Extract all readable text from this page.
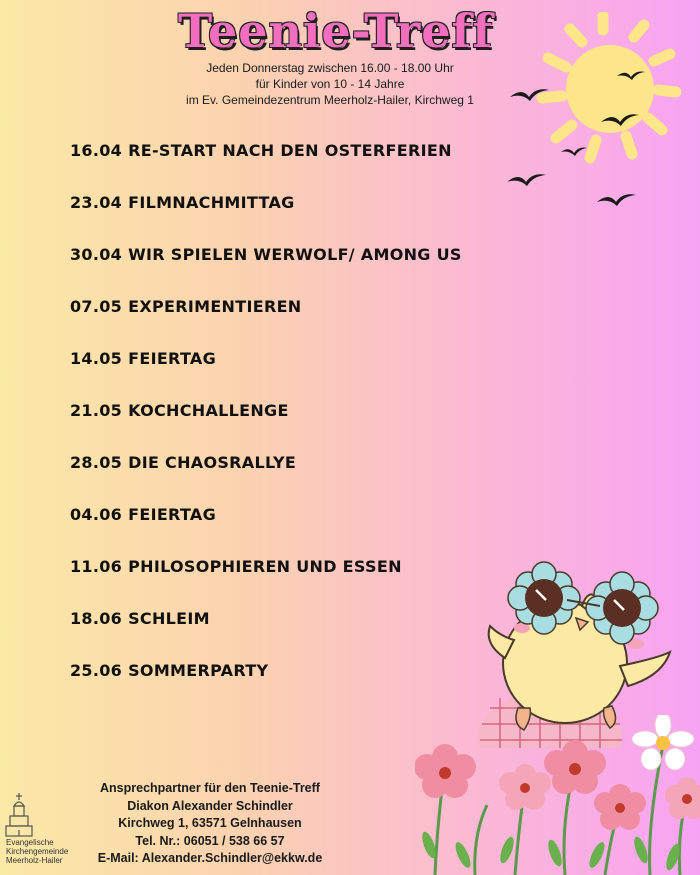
Teenie-Treff
Jeden Donnerstag zwischen 16.00 - 18.00 Uhr
für Kinder von 10 - 14 Jahre
im Ev. Gemeindezentrum Meerholz-Hailer, Kirchweg 1
16.04 RE-START NACH DEN OSTERFERIEN
23.04 FILMNACHMITTAG
30.04 WIR SPIELEN WERWOLF/ AMONG US
07.05 EXPERIMENTIEREN
14.05 FEIERTAG
21.05 KOCHCHALLENGE
28.05 DIE CHAOSRALLYE
04.06 FEIERTAG
11.06 PHILOSOPHIEREN UND ESSEN
18.06 SCHLEIM
25.06 SOMMERPARTY
Ansprechpartner für den Teenie-Treff
Diakon Alexander Schindler
Kirchweg 1, 63571 Gelnhausen
Tel. Nr.: 06051 / 538 66 57
E-Mail: Alexander.Schindler@ekkw.de
Evangelische
Kirchengemeinde
Meerholz-Hailer
